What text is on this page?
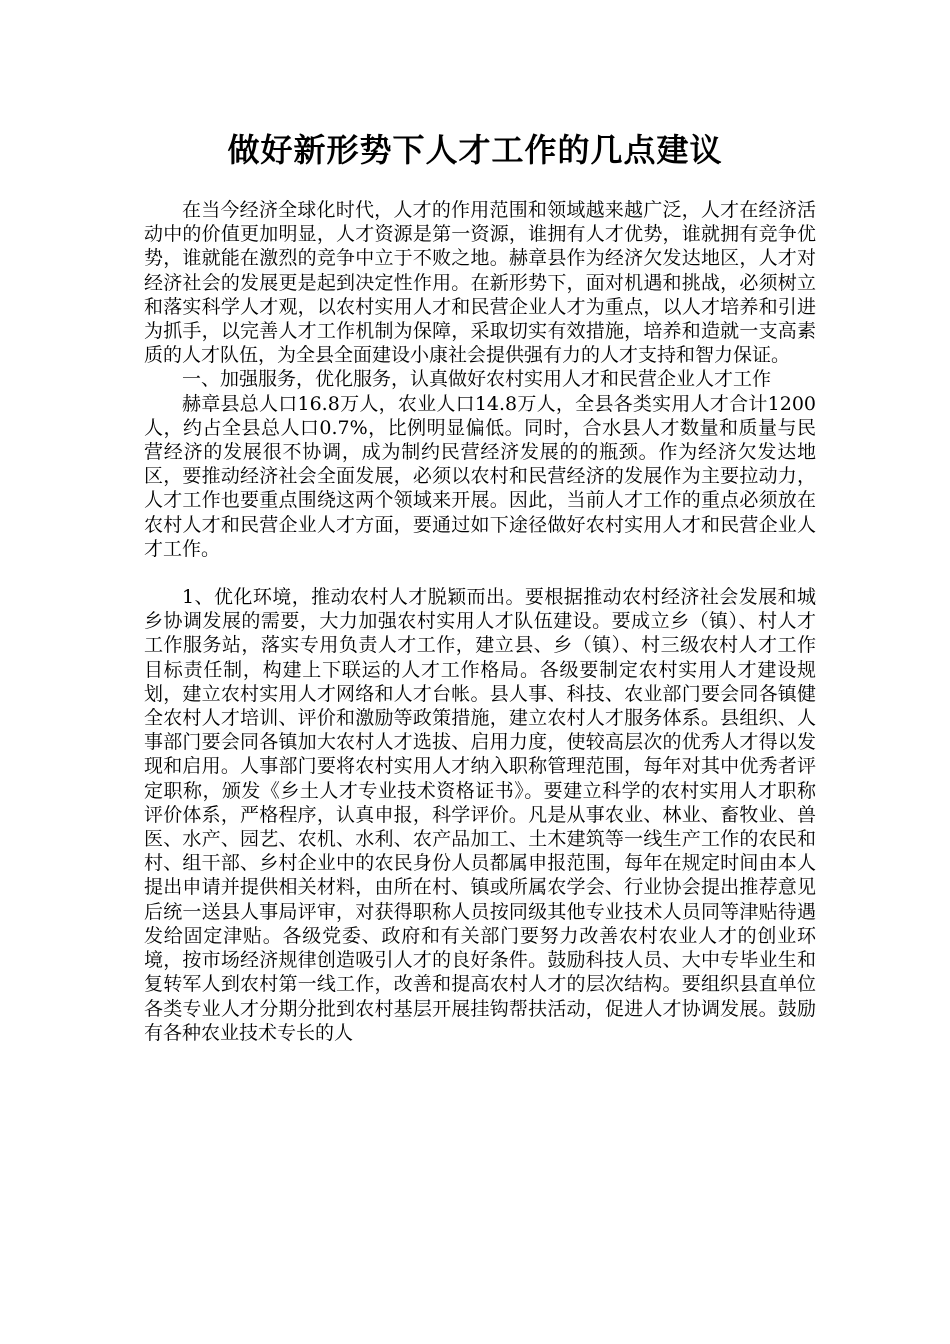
做好新形势下人才工作的几点建议

在当今经济全球化时代，人才的作用范围和领域越来越广泛，人才在经济活动中的价值更加明显，人才资源是第一资源，谁拥有人才优势，谁就拥有竞争优势，谁就能在激烈的竞争中立于不败之地。赫章县作为经济欠发达地区，人才对经济社会的发展更是起到决定性作用。在新形势下，面对机遇和挑战，必须树立和落实科学人才观，以农村实用人才和民营企业人才为重点，以人才培养和引进为抓手，以完善人才工作机制为保障，采取切实有效措施，培养和造就一支高素质的人才队伍，为全县全面建设小康社会提供强有力的人才支持和智力保证。

一、加强服务，优化服务，认真做好农村实用人才和民营企业人才工作

赫章县总人口16.8万人，农业人口14.8万人，全县各类实用人才合计1200人，约占全县总人口0.7%，比例明显偏低。同时，合水县人才数量和质量与民营经济的发展很不协调，成为制约民营经济发展的的瓶颈。作为经济欠发达地区，要推动经济社会全面发展，必须以农村和民营经济的发展作为主要拉动力，人才工作也要重点围绕这两个领域来开展。因此，当前人才工作的重点必须放在农村人才和民营企业人才方面，要通过如下途径做好农村实用人才和民营企业人才工作。

1、优化环境，推动农村人才脱颖而出。要根据推动农村经济社会发展和城乡协调发展的需要，大力加强农村实用人才队伍建设。要成立乡（镇）、村人才工作服务站，落实专用负责人才工作，建立县、乡（镇）、村三级农村人才工作目标责任制，构建上下联运的人才工作格局。各级要制定农村实用人才建设规划，建立农村实用人才网络和人才台帐。县人事、科技、农业部门要会同各镇健全农村人才培训、评价和激励等政策措施，建立农村人才服务体系。县组织、人事部门要会同各镇加大农村人才选拔、启用力度，使较高层次的优秀人才得以发现和启用。人事部门要将农村实用人才纳入职称管理范围，每年对其中优秀者评定职称，颁发《乡土人才专业技术资格证书》。要建立科学的农村实用人才职称评价体系，严格程序，认真申报，科学评价。凡是从事农业、林业、畜牧业、兽医、水产、园艺、农机、水利、农产品加工、土木建筑等一线生产工作的农民和村、组干部、乡村企业中的农民身份人员都属申报范围，每年在规定时间由本人提出申请并提供相关材料，由所在村、镇或所属农学会、行业协会提出推荐意见后统一送县人事局评审，对获得职称人员按同级其他专业技术人员同等津贴待遇发给固定津贴。各级党委、政府和有关部门要努力改善农村农业人才的创业环境，按市场经济规律创造吸引人才的良好条件。鼓励科技人员、大中专毕业生和复转军人到农村第一线工作，改善和提高农村人才的层次结构。要组织县直单位各类专业人才分期分批到农村基层开展挂钩帮扶活动，促进人才协调发展。鼓励有各种农业技术专长的人
